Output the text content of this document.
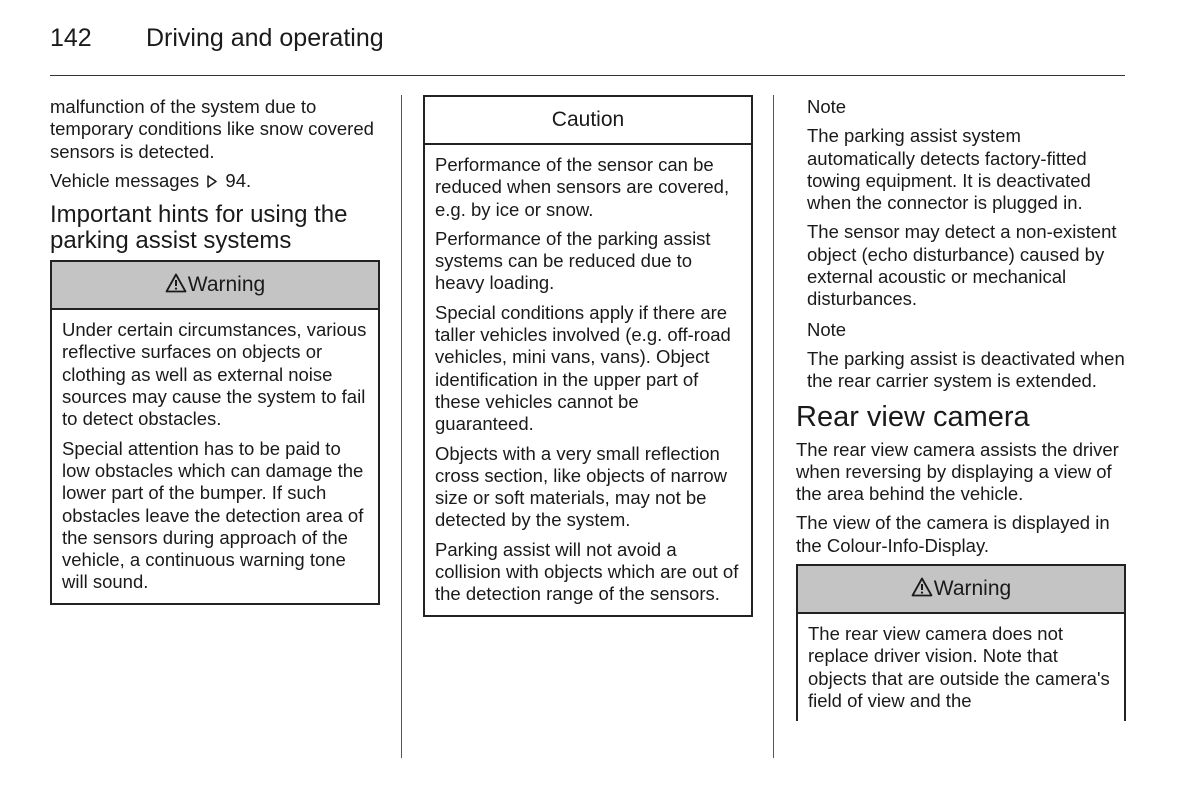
142 Driving and operating

malfunction of the system due to temporary conditions like snow covered sensors is detected.

Vehicle messages 94.

Important hints for using the parking assist systems
Warning

Under certain circumstances, various reflective surfaces on objects or clothing as well as external noise sources may cause the system to fail to detect obstacles.

Special attention has to be paid to low obstacles which can damage the lower part of the bumper. If such obstacles leave the detection area of the sensors during approach of the vehicle, a continuous warning tone will sound.

Caution

Performance of the sensor can be reduced when sensors are covered, e.g. by ice or snow.

Performance of the parking assist systems can be reduced due to heavy loading.

Special conditions apply if there are taller vehicles involved (e.g. off-road vehicles, mini vans, vans). Object identification in the upper part of these vehicles cannot be guaranteed.

Objects with a very small reflection cross section, like objects of narrow size or soft materials, may not be detected by the system.

Parking assist will not avoid a collision with objects which are out of the detection range of the sensors.

Note

The parking assist system automatically detects factory-fitted towing equipment. It is deactivated when the connector is plugged in.

The sensor may detect a non-existent object (echo disturbance) caused by external acoustic or mechanical disturbances.

Note

The parking assist is deactivated when the rear carrier system is extended.

Rear view camera

The rear view camera assists the driver when reversing by displaying a view of the area behind the vehicle.

The view of the camera is displayed in the Colour-Info-Display.

Warning

The rear view camera does not replace driver vision. Note that objects that are outside the camera's field of view and the
